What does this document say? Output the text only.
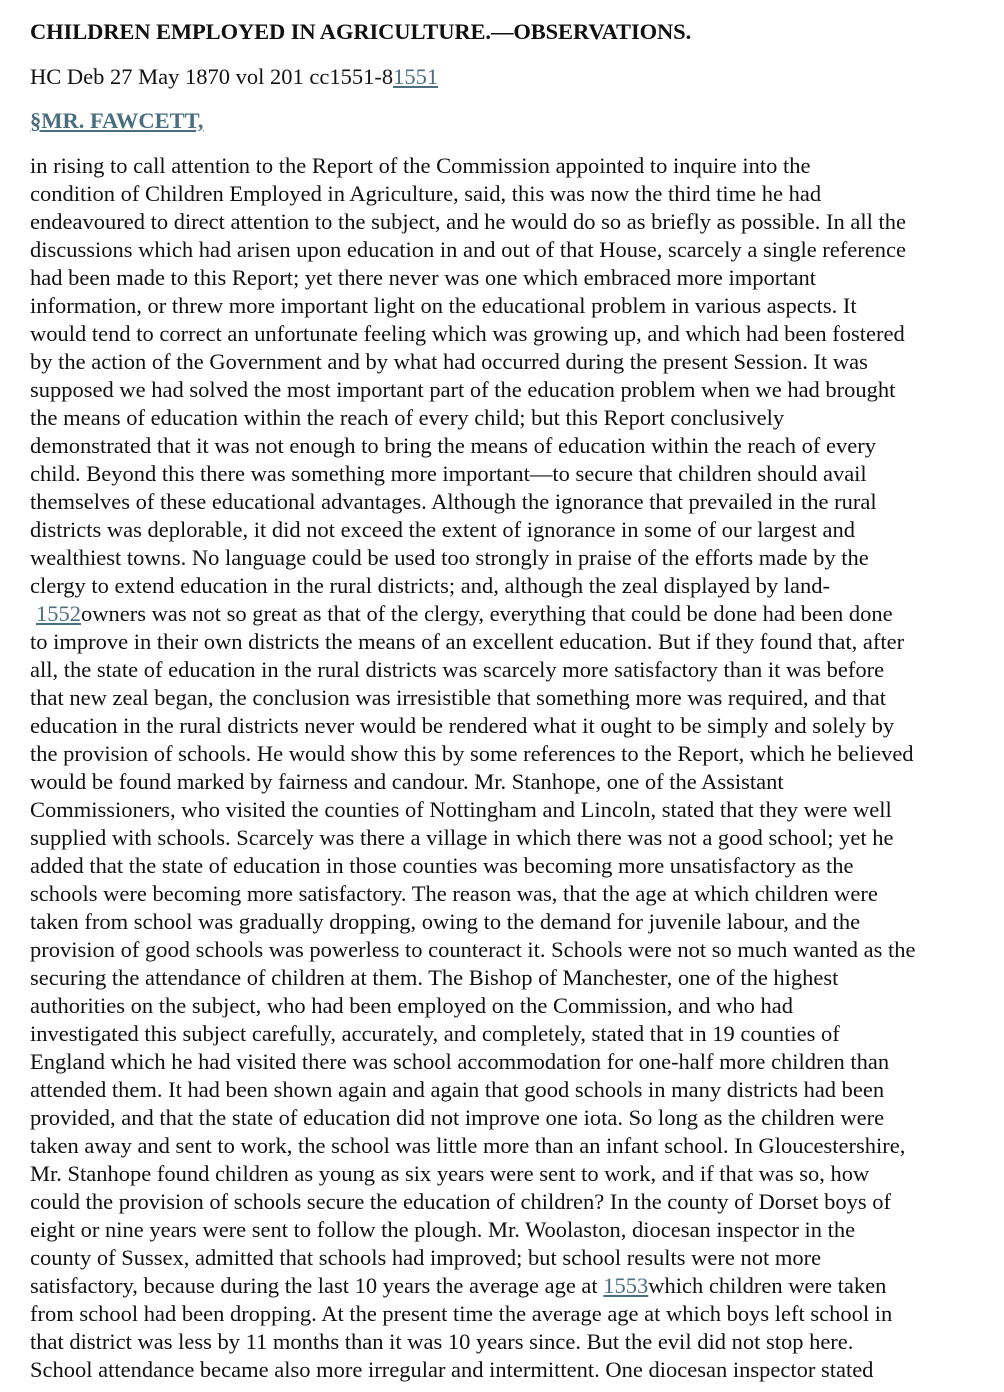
CHILDREN EMPLOYED IN AGRICULTURE.—OBSERVATIONS.

HC Deb 27 May 1870 vol 201 cc1551-81551

§MR. FAWCETT,

in rising to call attention to the Report of the Commission appointed to inquire into the
condition of Children Employed in Agriculture, said, this was now the third time he had
endeavoured to direct attention to the subject, and he would do so as briefly as possible. In all the
discussions which had arisen upon education in and out of that House, scarcely a single reference
had been made to this Report; yet there never was one which embraced more important
information, or threw more important light on the educational problem in various aspects. It
would tend to correct an unfortunate feeling which was growing up, and which had been fostered
by the action of the Government and by what had occurred during the present Session. It was
supposed we had solved the most important part of the education problem when we had brought
the means of education within the reach of every child; but this Report conclusively
demonstrated that it was not enough to bring the means of education within the reach of every
child. Beyond this there was something more important—to secure that children should avail
themselves of these educational advantages. Although the ignorance that prevailed in the rural
districts was deplorable, it did not exceed the extent of ignorance in some of our largest and
wealthiest towns. No language could be used too strongly in praise of the efforts made by the
clergy to extend education in the rural districts; and, although the zeal displayed by land-
1552owners was not so great as that of the clergy, everything that could be done had been done
to improve in their own districts the means of an excellent education. But if they found that, after
all, the state of education in the rural districts was scarcely more satisfactory than it was before
that new zeal began, the conclusion was irresistible that something more was required, and that
education in the rural districts never would be rendered what it ought to be simply and solely by
the provision of schools. He would show this by some references to the Report, which he believed
would be found marked by fairness and candour. Mr. Stanhope, one of the Assistant
Commissioners, who visited the counties of Nottingham and Lincoln, stated that they were well
supplied with schools. Scarcely was there a village in which there was not a good school; yet he
added that the state of education in those counties was becoming more unsatisfactory as the
schools were becoming more satisfactory. The reason was, that the age at which children were
taken from school was gradually dropping, owing to the demand for juvenile labour, and the
provision of good schools was powerless to counteract it. Schools were not so much wanted as the
securing the attendance of children at them. The Bishop of Manchester, one of the highest
authorities on the subject, who had been employed on the Commission, and who had
investigated this subject carefully, accurately, and completely, stated that in 19 counties of
England which he had visited there was school accommodation for one-half more children than
attended them. It had been shown again and again that good schools in many districts had been
provided, and that the state of education did not improve one iota. So long as the children were
taken away and sent to work, the school was little more than an infant school. In Gloucestershire,
Mr. Stanhope found children as young as six years were sent to work, and if that was so, how
could the provision of schools secure the education of children? In the county of Dorset boys of
eight or nine years were sent to follow the plough. Mr. Woolaston, diocesan inspector in the
county of Sussex, admitted that schools had improved; but school results were not more
satisfactory, because during the last 10 years the average age at 1553which children were taken
from school had been dropping. At the present time the average age at which boys left school in
that district was less by 11 months than it was 10 years since. But the evil did not stop here.
School attendance became also more irregular and intermittent. One diocesan inspector stated
